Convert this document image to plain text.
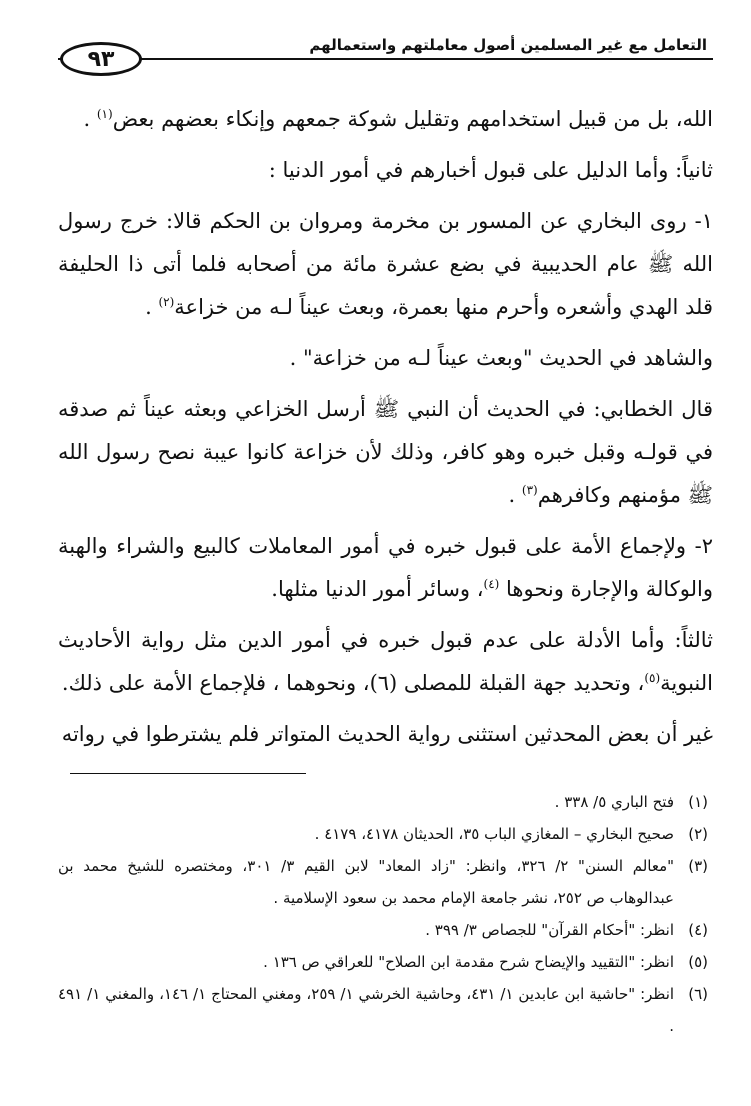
التعامل مع غير المسلمين أصول معاملتهم واستعمالهم
٩٣

الله، بل من قبيل استخدامهم وتقليل شوكة جمعهم وإنكاء بعضهم بعض$^{(١)}$ .

ثانياً: وأما الدليل على قبول أخبارهم في أمور الدنيا :

١- روى البخاري عن المسور بن مخرمة ومروان بن الحكم قالا: خرج رسول الله ﷺ عام الحديبية في بضع عشرة مائة من أصحابه فلما أتى ذا الحليفة قلد الهدي وأشعره وأحرم منها بعمرة، وبعث عيناً لـه من خزاعة$^{(٢)}$ .

والشاهد في الحديث "وبعث عيناً لـه من خزاعة" .

قال الخطابي: في الحديث أن النبي ﷺ أرسل الخزاعي وبعثه عيناً ثم صدقه في قولـه وقبل خبره وهو كافر، وذلك لأن خزاعة كانوا عيبة نصح رسول الله ﷺ مؤمنهم وكافرهم$^{(٣)}$ .

٢- ولإجماع الأمة على قبول خبره في أمور المعاملات كالبيع والشراء والهبة والوكالة والإجارة ونحوها $^{(٤)}$، وسائر أمور الدنيا مثلها.

ثالثاً: وأما الأدلة على عدم قبول خبره في أمور الدين مثل رواية الأحاديث النبوية$^{(٥)}$، وتحديد جهة القبلة للمصلى (٦)، ونحوهما ، فلإجماع الأمة على ذلك.

غير أن بعض المحدثين استثنى رواية الحديث المتواتر فلم يشترطوا في رواته

(١)
فتح الباري ٥/ ٣٣٨ .
(٢)
صحيح البخاري – المغازي الباب ٣٥، الحديثان ٤١٧٨، ٤١٧٩ .
(٣)
"معالم السنن" ٢/ ٣٢٦، وانظر: "زاد المعاد" لابن القيم ٣/ ٣٠١، ومختصره للشيخ محمد بن عبدالوهاب ص ٢٥٢، نشر جامعة الإمام محمد بن سعود الإسلامية .
(٤)
انظر: "أحكام القرآن" للجصاص ٣/ ٣٩٩ .
(٥)
انظر: "التقييد والإيضاح شرح مقدمة ابن الصلاح" للعراقي ص ١٣٦ .
(٦)
انظر: "حاشية ابن عابدين ١/ ٤٣١، وحاشية الخرشي ١/ ٢٥٩، ومغني المحتاج ١/ ١٤٦، والمغني ١/ ٤٩١ .
